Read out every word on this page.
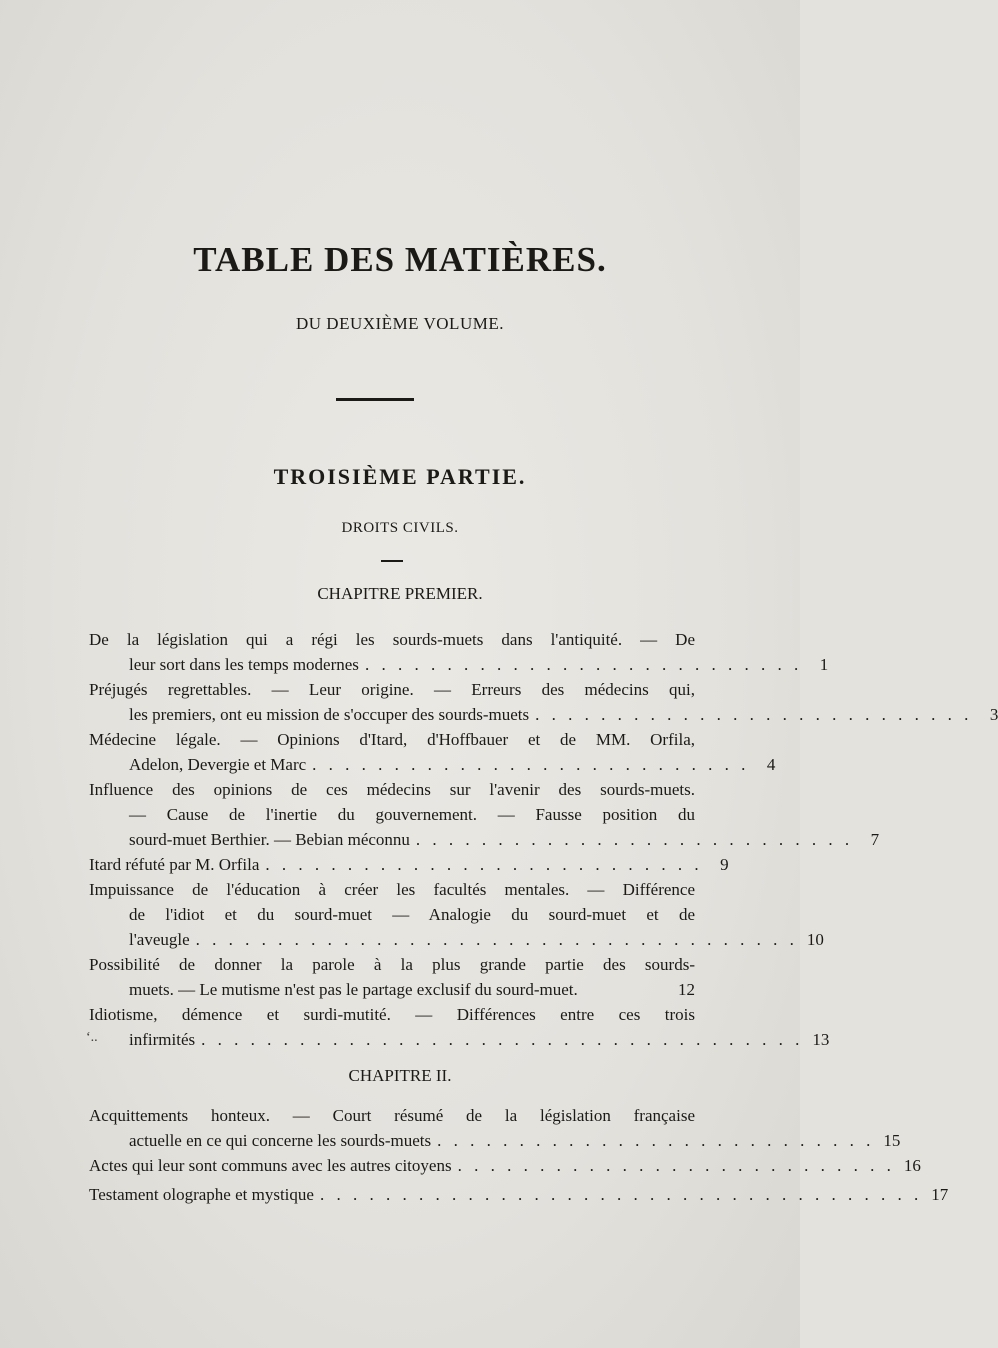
TABLE DES MATIÈRES.
DU DEUXIÈME VOLUME.
TROISIÈME PARTIE.
DROITS CIVILS.
CHAPITRE PREMIER.
De la législation qui a régi les sourds-muets dans l'antiquité. — De
leur sort dans les temps modernes . . . . . . . . . . . . . . . . . . . . . . . . . . .	1
Préjugés regrettables. — Leur origine. — Erreurs des médecins qui,
les premiers, ont eu mission de s'occuper des sourds-muets . . . . . . . . . . . . . . . . . . . . . . . . . . .	3
Médecine légale. — Opinions d'Itard, d'Hoffbauer et de MM. Orfila,
Adelon, Devergie et Marc . . . . . . . . . . . . . . . . . . . . . . . . . . .	4
Influence des opinions de ces médecins sur l'avenir des sourds-muets.
— Cause de l'inertie du gouvernement. — Fausse position du
sourd-muet Berthier. — Bebian méconnu . . . . . . . . . . . . . . . . . . . . . . . . . . .	7
Itard réfuté par M. Orfila . . . . . . . . . . . . . . . . . . . . . . . . . . .	9
Impuissance de l'éducation à créer les facultés mentales. — Différence
de l'idiot et du sourd-muet — Analogie du sourd-muet et de
l'aveugle . . . . . . . . . . . . . . . . . . . . . . . . . . . . . . . . . . . . . 10
Possibilité de donner la parole à la plus grande partie des sourds-
muets. — Le mutisme n'est pas le partage exclusif du sourd-muet.	12
Idiotisme, démence et surdi-mutité. — Différences entre ces trois
infirmités . . . . . . . . . . . . . . . . . . . . . . . . . . . . . . . . . . . . . 13
ʻ..
CHAPITRE II.
Acquittements honteux. — Court résumé de la législation française
actuelle en ce qui concerne les sourds-muets . . . . . . . . . . . . . . . . . . . . . . . . . . . 15
Actes qui leur sont communs avec les autres citoyens . . . . . . . . . . . . . . . . . . . . . . . . . . . 16
Testament olographe et mystique . . . . . . . . . . . . . . . . . . . . . . . . . . . . . . . . . . . . . 17
